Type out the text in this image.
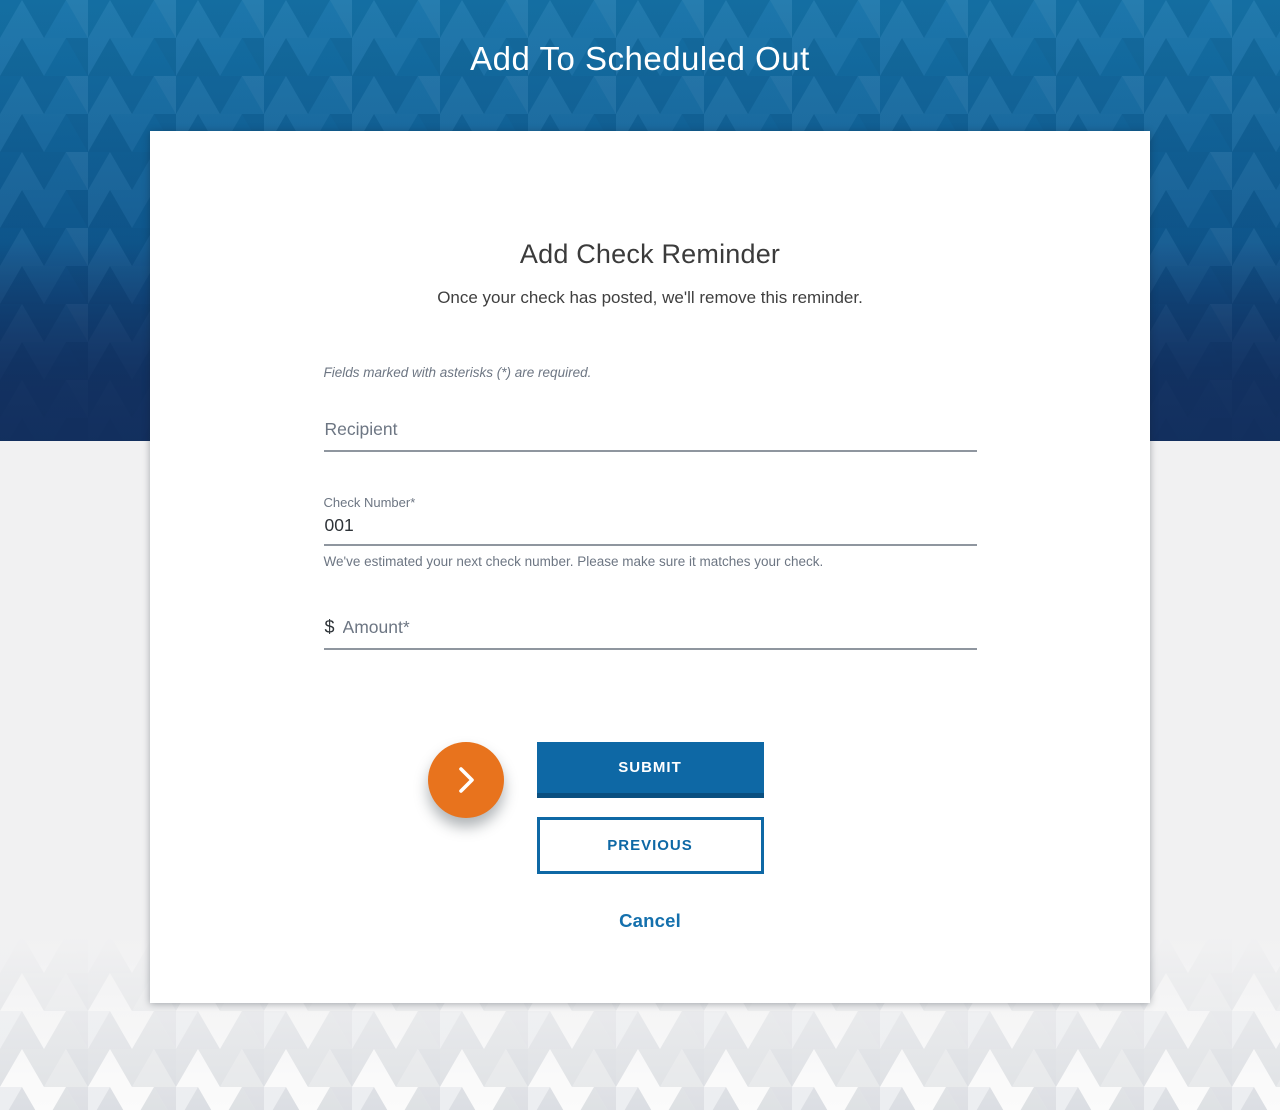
Add To Scheduled Out
Add Check Reminder

Once your check has posted, we'll remove this reminder.

Fields marked with asterisks (*) are required.

Recipient
Check Number*
001

We've estimated your next check number. Please make sure it matches your check.

$
Amount*
SUBMIT
PREVIOUS
Cancel
